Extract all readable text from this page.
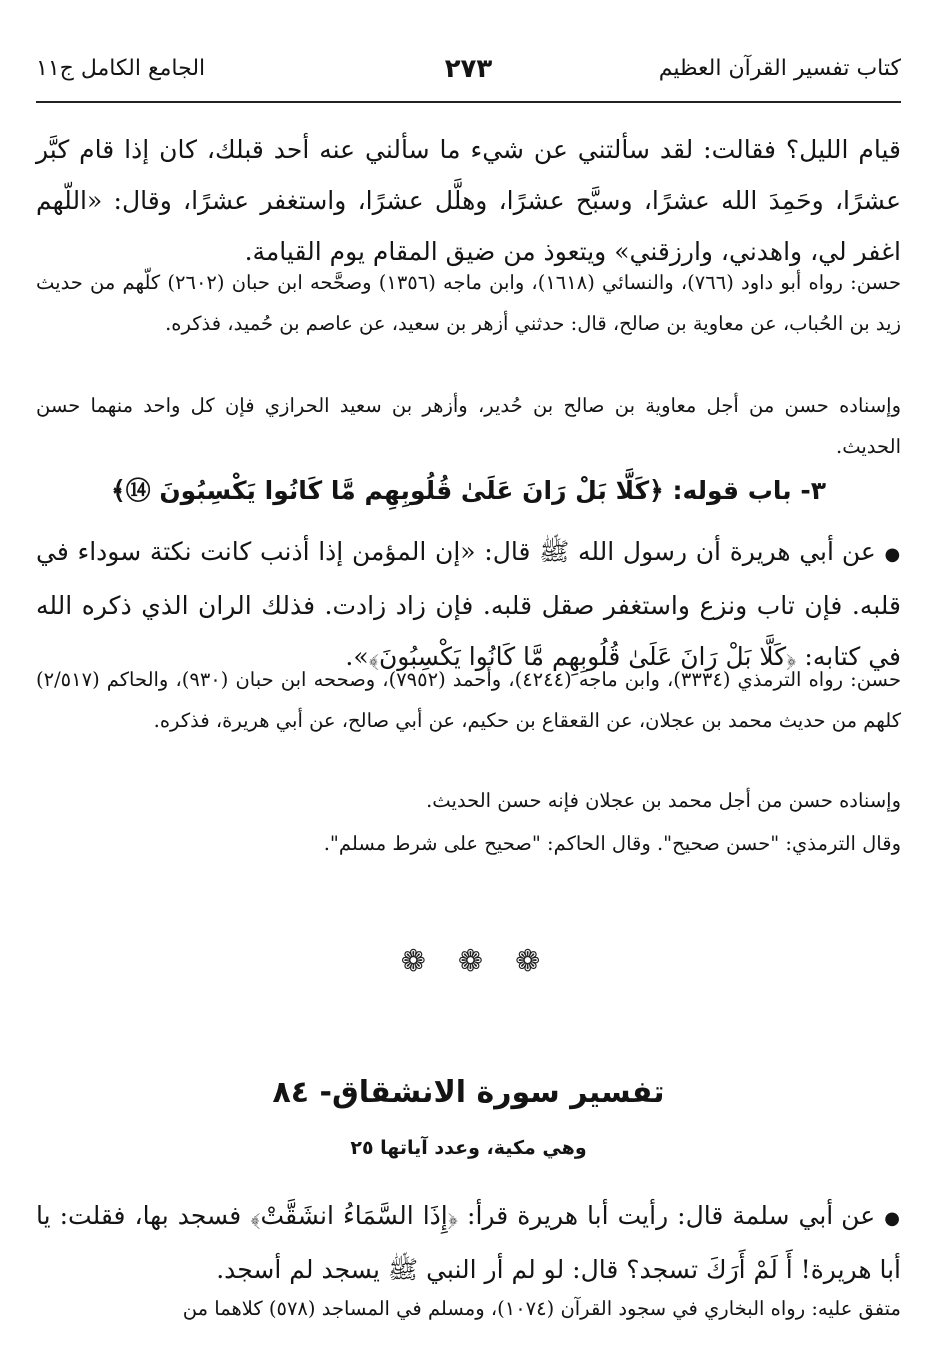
كتاب تفسير القرآن العظيم
٢٧٣
الجامع الكامل ج١١
قيام الليل؟ فقالت: لقد سألتني عن شيء ما سألني عنه أحد قبلك، كان إذا قام كبَّر عشرًا، وحَمِدَ الله عشرًا، وسبَّح عشرًا، وهلَّل عشرًا، واستغفر عشرًا، وقال: «اللّهم اغفر لي، واهدني، وارزقني» ويتعوذ من ضيق المقام يوم القيامة.
حسن: رواه أبو داود (٧٦٦)، والنسائي (١٦١٨)، وابن ماجه (١٣٥٦) وصحَّحه ابن حبان (٢٦٠٢) كلّهم من حديث زيد بن الحُباب، عن معاوية بن صالح، قال: حدثني أزهر بن سعيد، عن عاصم بن حُميد، فذكره.
وإسناده حسن من أجل معاوية بن صالح بن حُدير، وأزهر بن سعيد الحرازي فإن كل واحد منهما حسن الحديث.
٣- باب قوله: ﴿كَلَّا بَلْ رَانَ عَلَىٰ قُلُوبِهِم مَّا كَانُوا يَكْسِبُونَ ⑭﴾
● عن أبي هريرة أن رسول الله ﷺ قال: «إن المؤمن إذا أذنب كانت نكتة سوداء في قلبه. فإن تاب ونزع واستغفر صقل قلبه. فإن زاد زادت. فذلك الران الذي ذكره الله في كتابه: ﴿كَلَّا بَلْ رَانَ عَلَىٰ قُلُوبِهِم مَّا كَانُوا يَكْسِبُونَ﴾».
حسن: رواه الترمذي (٣٣٣٤)، وابن ماجه (٤٢٤٤)، وأحمد (٧٩٥٢)، وصححه ابن حبان (٩٣٠)، والحاكم (٢/٥١٧) كلهم من حديث محمد بن عجلان، عن القعقاع بن حكيم، عن أبي صالح، عن أبي هريرة، فذكره.
وإسناده حسن من أجل محمد بن عجلان فإنه حسن الحديث.
وقال الترمذي: "حسن صحيح". وقال الحاكم: "صحيح على شرط مسلم".
❁ ❁ ❁
تفسير سورة الانشقاق- ٨٤
وهي مكية، وعدد آياتها ٢٥
● عن أبي سلمة قال: رأيت أبا هريرة قرأ: ﴿إِذَا السَّمَاءُ انشَقَّتْ﴾ فسجد بها، فقلت: يا أبا هريرة! أَ لَمْ أَرَكَ تسجد؟ قال: لو لم أر النبي ﷺ يسجد لم أسجد.
متفق عليه: رواه البخاري في سجود القرآن (١٠٧٤)، ومسلم في المساجد (٥٧٨) كلاهما من
